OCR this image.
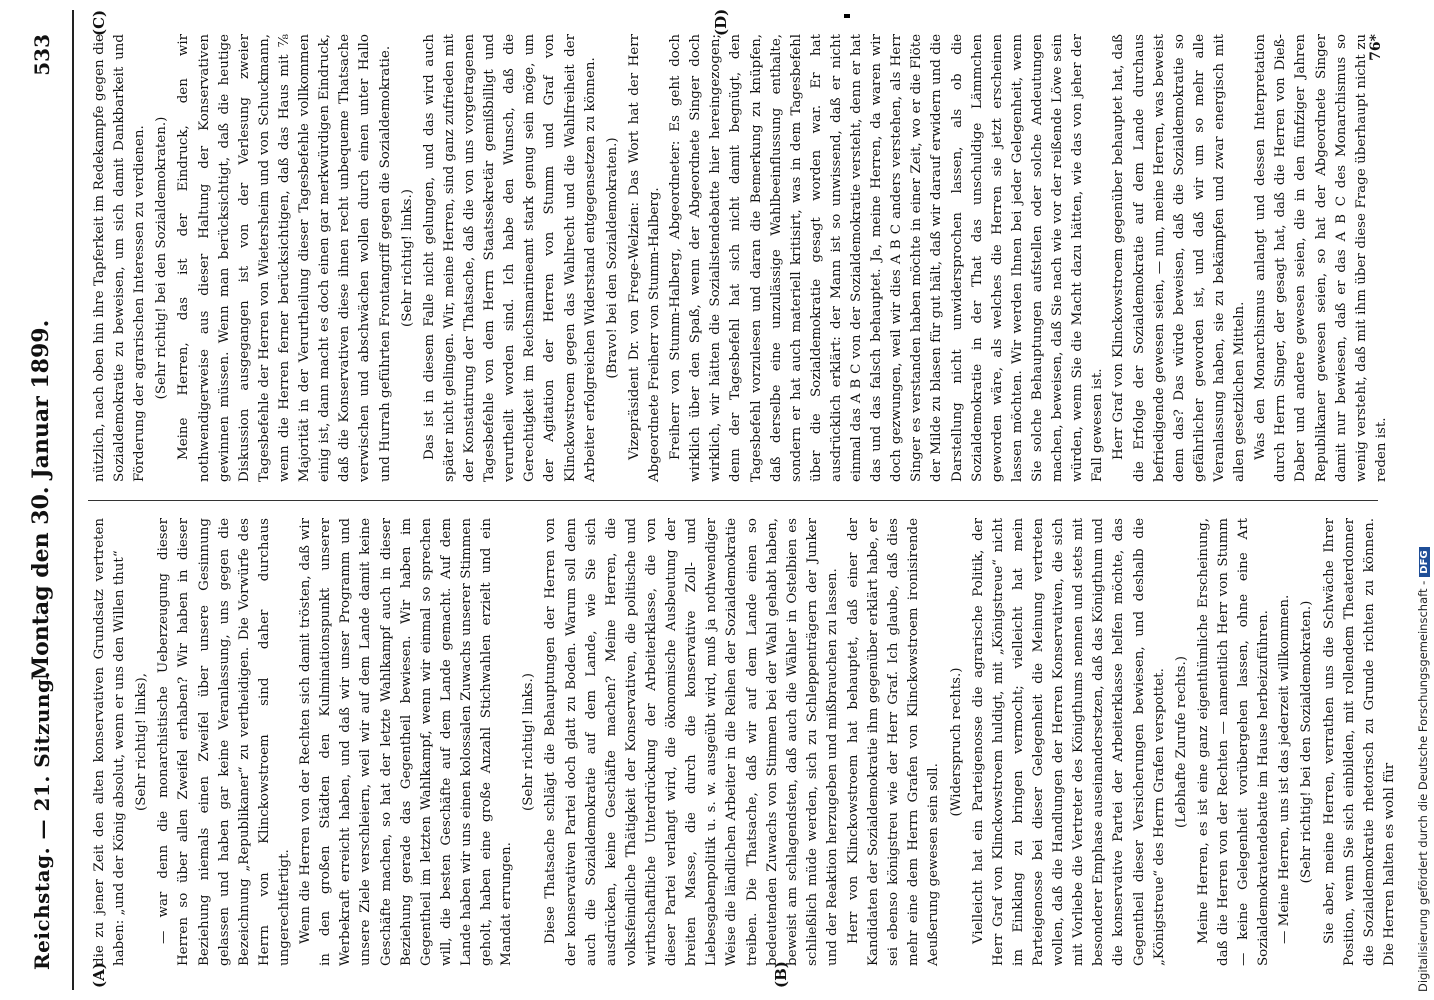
Reichstag. — 21. Sitzung.
Montag den 30. Januar 1899.
533
(A)	(B)
(C)	(D)

die zu jener Zeit den alten konservativen Grundsatz vertreten haben: „und der König absolut, wenn er uns den Willen thut“ (Sehr richtig! links), — war denn die monarchistische Ueberzeugung dieser Herren so über allen Zweifel erhaben? Wir haben in dieser Beziehung niemals einen Zweifel über unsere Gesinnung gelassen und haben gar keine Veranlassung, uns gegen die Bezeichnung „Republikaner“ zu vertheidigen. Die Vorwürfe des Herrn von Klinckowstroem sind daher durchaus ungerechtfertigt. Wenn die Herren von der Rechten sich damit trösten, daß wir in den großen Städten den Kulminationspunkt unserer Werbekraft erreicht haben, und daß wir unser Programm und unsere Ziele verschleiern, weil wir auf dem Lande damit keine Geschäfte machen, so hat der letzte Wahlkampf auch in dieser Beziehung gerade das Gegentheil bewiesen. Wir haben im Gegentheil im letzten Wahlkampf, wenn wir einmal so sprechen will, die besten Geschäfte auf dem Lande gemacht. Auf dem Lande haben wir uns einen kolossalen Zuwachs unserer Stimmen geholt, haben eine große Anzahl Stichwahlen erzielt und ein Mandat errungen.

(Sehr richtig! links.) Diese Thatsache schlägt die Behauptungen der Herren von der konservativen Partei doch glatt zu Boden. Warum soll denn auch die Sozialdemokratie auf dem Lande, wie Sie sich ausdrücken, keine Geschäfte machen? Meine Herren, die volksfeindliche Thätigkeit der Konservativen, die politische und wirthschaftliche Unterdrückung der Arbeiterklasse, die von dieser Partei verlangt wird, die ökonomische Ausbeutung der breiten Masse, die durch die konservative Zoll- und Liebesgabenpolitik u. s. w. ausgeübt wird, muß ja nothwendiger Weise die ländlichen Arbeiter in die Reihen der Sozialdemokratie treiben. Die Thatsache, daß wir auf dem Lande einen so bedeutenden Zuwachs von Stimmen bei der Wahl gehabt haben, beweist am schlagendsten, daß auch die Wähler in Ostelbien es schließlich müde werden, sich zu Schleppenträgern der Junker und der Reaktion herzugeben und mißbrauchen zu lassen. Herr von Klinckowstroem hat behauptet, daß einer der Kandidaten der Sozialdemokratie ihm gegenüber erklärt habe, er sei ebenso königstreu wie der Herr Graf. Ich glaube, daß dies mehr eine dem Herrn Grafen von Klinckowstroem ironisirende Aeußerung gewesen sein soll.

(Widerspruch rechts.) Vielleicht hat ein Parteigenosse die agrarische Politik, der Herr Graf von Klinckowstroem huldigt, mit „Königstreue“ nicht im Einklang zu bringen vermocht; vielleicht hat mein Parteigenosse bei dieser Gelegenheit die Meinung vertreten wollen, daß die Handlungen der Herren Konservativen, die sich mit Vorliebe die Vertreter des Königthums nennen und stets mit besonderer Emphase auseinandersetzen, daß das Königthum und die konservative Partei der Arbeiterklasse helfen möchte, das Gegentheil dieser Versicherungen bewiesen, und deshalb die „Königstreue“ des Herrn Grafen verspottet. (Lebhafte Zurufe rechts.) Meine Herren, es ist eine ganz eigenthümliche Erscheinung, daß die Herren von der Rechten — namentlich Herr von Stumm — keine Gelegenheit vorübergehen lassen, ohne eine Art Sozialdemokratendebatte im Hause herbeizuführen. — Meine Herren, uns ist das jederzeit willkommen. (Sehr richtig! bei den Sozialdemokraten.) Sie aber, meine Herren, verrathen uns die Schwäche Ihrer Position, wenn Sie sich einbilden, mit rollendem Theaterdonner die Sozialdemokratie rhetorisch zu Grunde richten zu können. Die Herren halten es wohl für

nützlich, nach oben hin ihre Tapferkeit im Redekampfe gegen die Sozialdemokratie zu beweisen, um sich damit Dankbarkeit und Förderung der agrarischen Interessen zu verdienen. (Sehr richtig! bei den Sozialdemokraten.) Meine Herren, das ist der Eindruck, den wir nothwendigerweise aus dieser Haltung der Konservativen gewinnen müssen. Wenn man berücksichtigt, daß die heutige Diskussion ausgegangen ist von der Verlesung zweier Tagesbefehle der Herren von Wietersheim und von Schuckmann, wenn die Herren ferner berücksichtigen, daß das Haus mit ⅞ Majorität in der Verurtheilung dieser Tagesbefehle vollkommen einig ist, dann macht es doch einen gar merkwürdigen Eindruck, daß die Konservativen diese ihnen recht unbequeme Thatsache verwischen und abschwächen wollen durch einen unter Hallo und Hurrah geführten Frontangriff gegen die Sozialdemokratie. (Sehr richtig! links.) Das ist in diesem Falle nicht gelungen, und das wird auch später nicht gelingen. Wir, meine Herren, sind ganz zufrieden mit der Konstatirung der Thatsache, daß die von uns vorgetragenen Tagesbefehle von dem Herrn Staatssekretär gemißbilligt und verurtheilt worden sind. Ich habe den Wunsch, daß die Gerechtigkeit im Reichsmarineamt stark genug sein möge, um der Agitation der Herren von Stumm und Graf von Klinckowstroem gegen das Wahlrecht und die Wahlfreiheit der Arbeiter erfolgreichen Widerstand entgegensetzen zu können. (Bravo! bei den Sozialdemokraten.) Vizepräsident Dr. von Frege-Welzien: Das Wort hat der Herr Abgeordnete Freiherr von Stumm-Halberg. Freiherr von Stumm-Halberg, Abgeordneter: Es geht doch wirklich über den Spaß, wenn der Abgeordnete Singer doch wirklich, wir hätten die Sozialistendebatte hier hereingezogen; denn der Tagesbefehl hat sich nicht damit begnügt, den Tagesbefehl vorzulesen und daran die Bemerkung zu knüpfen, daß derselbe eine unzulässige Wahlbeeinflussung enthalte, sondern er hat auch materiell kritisirt, was in dem Tagesbefehl über die Sozialdemokratie gesagt worden war. Er hat ausdrücklich erklärt: der Mann ist so unwissend, daß er nicht einmal das A B C von der Sozialdemokratie versteht, denn er hat das und das falsch behauptet. Ja, meine Herren, da waren wir doch gezwungen, weil wir dies A B C anders verstehen, als Herr Singer es verstanden haben möchte in einer Zeit, wo er die Flöte der Milde zu blasen für gut hält, daß wir darauf erwidern und die Darstellung nicht unwidersprochen lassen, als ob die Sozialdemokratie in der That das unschuldige Lämmchen geworden wäre, als welches die Herren sie jetzt erscheinen lassen möchten. Wir werden Ihnen bei jeder Gelegenheit, wenn Sie solche Behauptungen aufstellen oder solche Andeutungen machen, beweisen, daß Sie nach wie vor der reißende Löwe sein würden, wenn Sie die Macht dazu hätten, wie das von jeher der Fall gewesen ist. Herr Graf von Klinckowstroem gegenüber behauptet hat, daß die Erfolge der Sozialdemokratie auf dem Lande durchaus befriedigende gewesen seien, — nun, meine Herren, was beweist denn das? Das würde beweisen, daß die Sozialdemokratie so gefährlicher geworden ist, und daß wir um so mehr alle Veranlassung haben, sie zu bekämpfen und zwar energisch mit allen gesetzlichen Mitteln. Was den Monarchismus anlangt und dessen Interpretation durch Herrn Singer, der gesagt hat, daß die Herren von Dieß-Daber und andere gewesen seien, die in den fünfziger Jahren Republikaner gewesen seien, so hat der Abgeordnete Singer damit nur bewiesen, daß er das A B C des Monarchismus so wenig versteht, daß mit ihm über diese Frage überhaupt nicht zu reden ist.

76*
Digitalisierung gefördert durch die Deutsche Forschungsgemeinschaft -DFG
